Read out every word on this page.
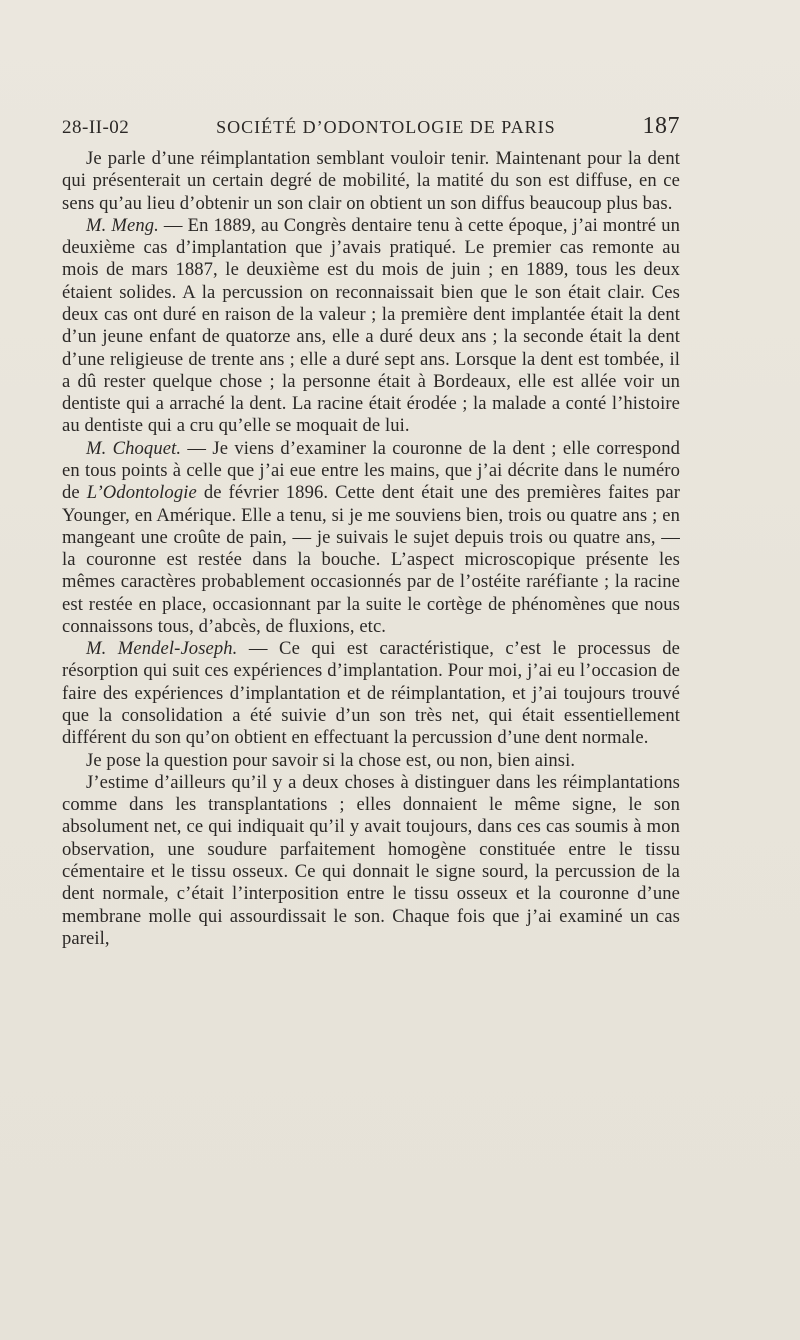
28-II-02	SOCIÉTÉ D’ODONTOLOGIE DE PARIS	187

Je parle d’une réimplantation semblant vouloir tenir. Maintenant pour la dent qui présenterait un certain degré de mobilité, la matité du son est diffuse, en ce sens qu’au lieu d’obtenir un son clair on obtient un son diffus beaucoup plus bas.

M. Meng. — En 1889, au Congrès dentaire tenu à cette époque, j’ai montré un deuxième cas d’implantation que j’avais pratiqué. Le premier cas remonte au mois de mars 1887, le deuxième est du mois de juin ; en 1889, tous les deux étaient solides. A la percussion on reconnaissait bien que le son était clair. Ces deux cas ont duré en raison de la valeur ; la première dent implantée était la dent d’un jeune enfant de quatorze ans, elle a duré deux ans ; la seconde était la dent d’une religieuse de trente ans ; elle a duré sept ans. Lorsque la dent est tombée, il a dû rester quelque chose ; la personne était à Bordeaux, elle est allée voir un dentiste qui a arraché la dent. La racine était érodée ; la malade a conté l’histoire au dentiste qui a cru qu’elle se moquait de lui.

M. Choquet. — Je viens d’examiner la couronne de la dent ; elle correspond en tous points à celle que j’ai eue entre les mains, que j’ai décrite dans le numéro de L’Odontologie de février 1896. Cette dent était une des premières faites par Younger, en Amérique. Elle a tenu, si je me souviens bien, trois ou quatre ans ; en mangeant une croûte de pain, — je suivais le sujet depuis trois ou quatre ans, — la couronne est restée dans la bouche. L’aspect microscopique présente les mêmes caractères probablement occasionnés par de l’ostéite raréfiante ; la racine est restée en place, occasionnant par la suite le cortège de phénomènes que nous connaissons tous, d’abcès, de fluxions, etc.

M. Mendel-Joseph. — Ce qui est caractéristique, c’est le processus de résorption qui suit ces expériences d’implantation. Pour moi, j’ai eu l’occasion de faire des expériences d’implantation et de réimplantation, et j’ai toujours trouvé que la consolidation a été suivie d’un son très net, qui était essentiellement différent du son qu’on obtient en effectuant la percussion d’une dent normale.

Je pose la question pour savoir si la chose est, ou non, bien ainsi.

J’estime d’ailleurs qu’il y a deux choses à distinguer dans les réimplantations comme dans les transplantations ; elles donnaient le même signe, le son absolument net, ce qui indiquait qu’il y avait toujours, dans ces cas soumis à mon observation, une soudure parfaitement homogène constituée entre le tissu cémentaire et le tissu osseux. Ce qui donnait le signe sourd, la percussion de la dent normale, c’était l’interposition entre le tissu osseux et la couronne d’une membrane molle qui assourdissait le son. Chaque fois que j’ai examiné un cas pareil,
